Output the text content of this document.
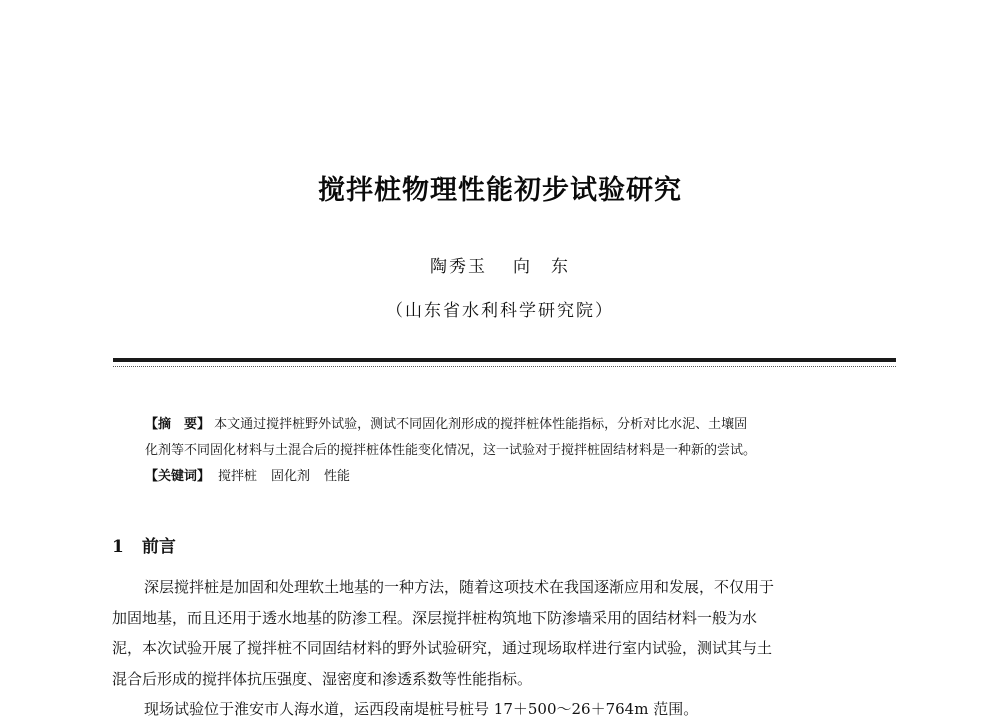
搅拌桩物理性能初步试验研究
陶秀玉 向　东
（山东省水利科学研究院）
【摘　要】 本文通过搅拌桩野外试验，测试不同固化剂形成的搅拌桩体性能指标，分析对比水泥、土壤固
化剂等不同固化材料与土混合后的搅拌桩体性能变化情况，这一试验对于搅拌桩固结材料是一种新的尝试。
【关键词】 搅拌桩 固化剂 性能
1 前言
深层搅拌桩是加固和处理软土地基的一种方法，随着这项技术在我国逐渐应用和发展，不仅用于
加固地基，而且还用于透水地基的防渗工程。深层搅拌桩构筑地下防渗墙采用的固结材料一般为水
泥，本次试验开展了搅拌桩不同固结材料的野外试验研究，通过现场取样进行室内试验，测试其与土
混合后形成的搅拌体抗压强度、湿密度和渗透系数等性能指标。
现场试验位于淮安市人海水道，运西段南堤桩号桩号 17＋500～26＋764m 范围。
